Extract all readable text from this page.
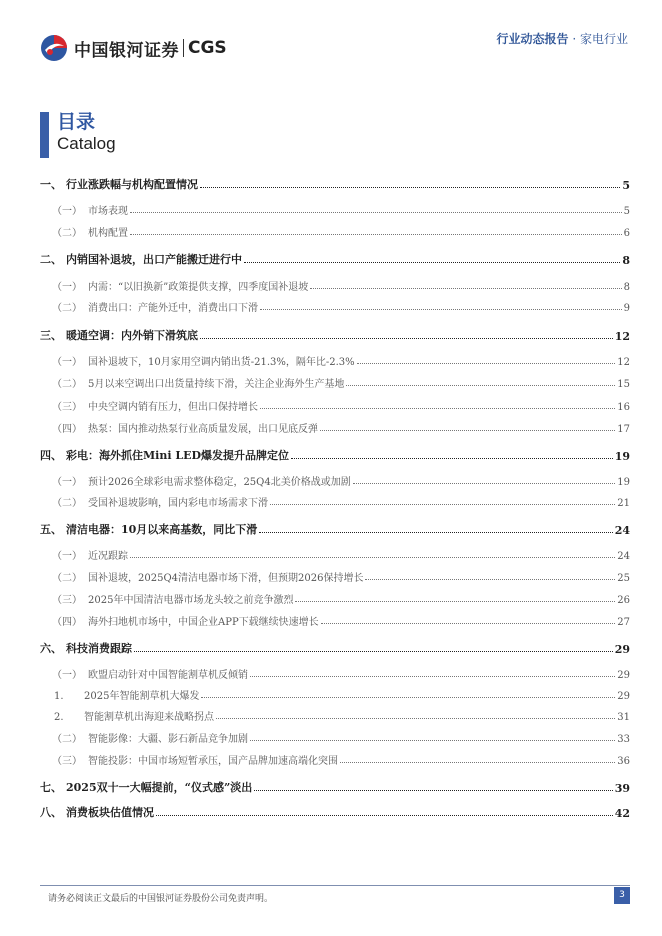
中国银河证券 CGS	行业动态报告 · 家电行业
目录
Catalog
一、 行业涨跌幅与机构配置情况	5
（一） 市场表现	5
（二） 机构配置	6
二、 内销国补退坡，出口产能搬迁进行中	8
（一） 内需：“以旧换新”政策提供支撑，四季度国补退坡	8
（二） 消费出口：产能外迁中，消费出口下滑	9
三、 暖通空调：内外销下滑筑底	12
（一） 国补退坡下，10月家用空调内销出货-21.3%，隔年比-2.3%	12
（二） 5月以来空调出口出货量持续下滑，关注企业海外生产基地	15
（三） 中央空调内销有压力，但出口保持增长	16
（四） 热泵：国内推动热泵行业高质量发展，出口见底反弹	17
四、 彩电：海外抓住Mini LED爆发提升品牌定位	19
（一） 预计2026全球彩电需求整体稳定，25Q4北美价格战或加剧	19
（二） 受国补退坡影响，国内彩电市场需求下滑	21
五、 清洁电器：10月以来高基数，同比下滑	24
（一） 近况跟踪	24
（二） 国补退坡，2025Q4清洁电器市场下滑，但预期2026保持增长	25
（三） 2025年中国清洁电器市场龙头较之前竞争激烈	26
（四） 海外扫地机市场中，中国企业APP下载继续快速增长	27
六、 科技消费跟踪	29
（一） 欧盟启动针对中国智能割草机反倾销	29
1.	2025年智能割草机大爆发	29
2.	智能割草机出海迎来战略拐点	31
（二） 智能影像：大疆、影石新品竞争加剧	33
（三） 智能投影：中国市场短暂承压，国产品牌加速高端化突围	36
七、 2025双十一大幅提前，“仪式感”淡出	39
八、 消费板块估值情况	42
请务必阅读正文最后的中国银河证券股份公司免责声明。	3
